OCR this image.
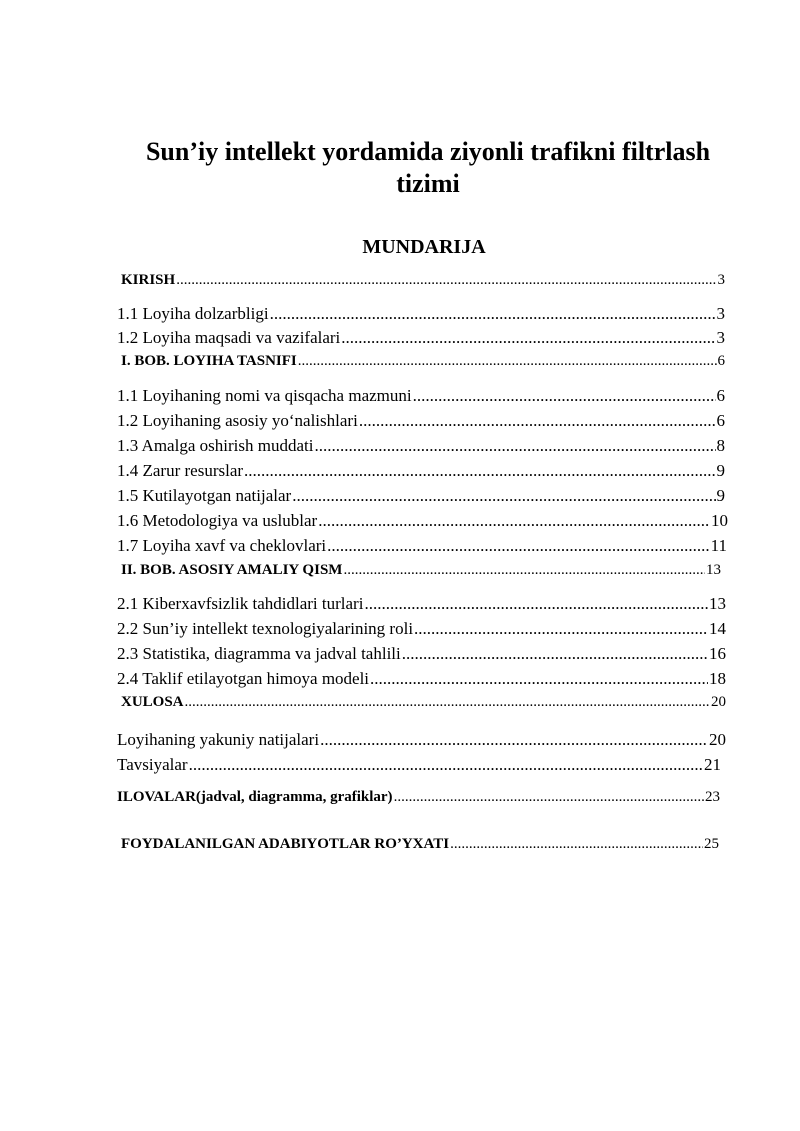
Sun’iy intellekt yordamida ziyonli trafikni filtrlash
tizimi
MUNDARIJA
KIRISH .....	3
1.1 Loyiha dolzarbligi .....	3
1.2 Loyiha maqsadi va vazifalari .....	3
I. BOB. LOYIHA TASNIFI .....	6
1.1 Loyihaning nomi va qisqacha mazmuni .....	6
1.2 Loyihaning asosiy yo‘nalishlari .....	6
1.3 Amalga oshirish muddati .....	8
1.4 Zarur resurslar .....	9
1.5 Kutilayotgan natijalar .....	9
1.6 Metodologiya va uslublar .....	10
1.7 Loyiha xavf va cheklovlari .....	11
II. BOB. ASOSIY AMALIY QISM .....	13
2.1 Kiberxavfsizlik tahdidlari turlari .....	13
2.2 Sun’iy intellekt texnologiyalarining roli .....	14
2.3 Statistika, diagramma va jadval tahlili .....	16
2.4 Taklif etilayotgan himoya modeli .....	18
XULOSA .....	20
Loyihaning yakuniy natijalari .....	20
Tavsiyalar .....	21
ILOVALAR(jadval, diagramma, grafiklar) .....	23
FOYDALANILGAN ADABIYOTLAR RO’YXATI .....	25
